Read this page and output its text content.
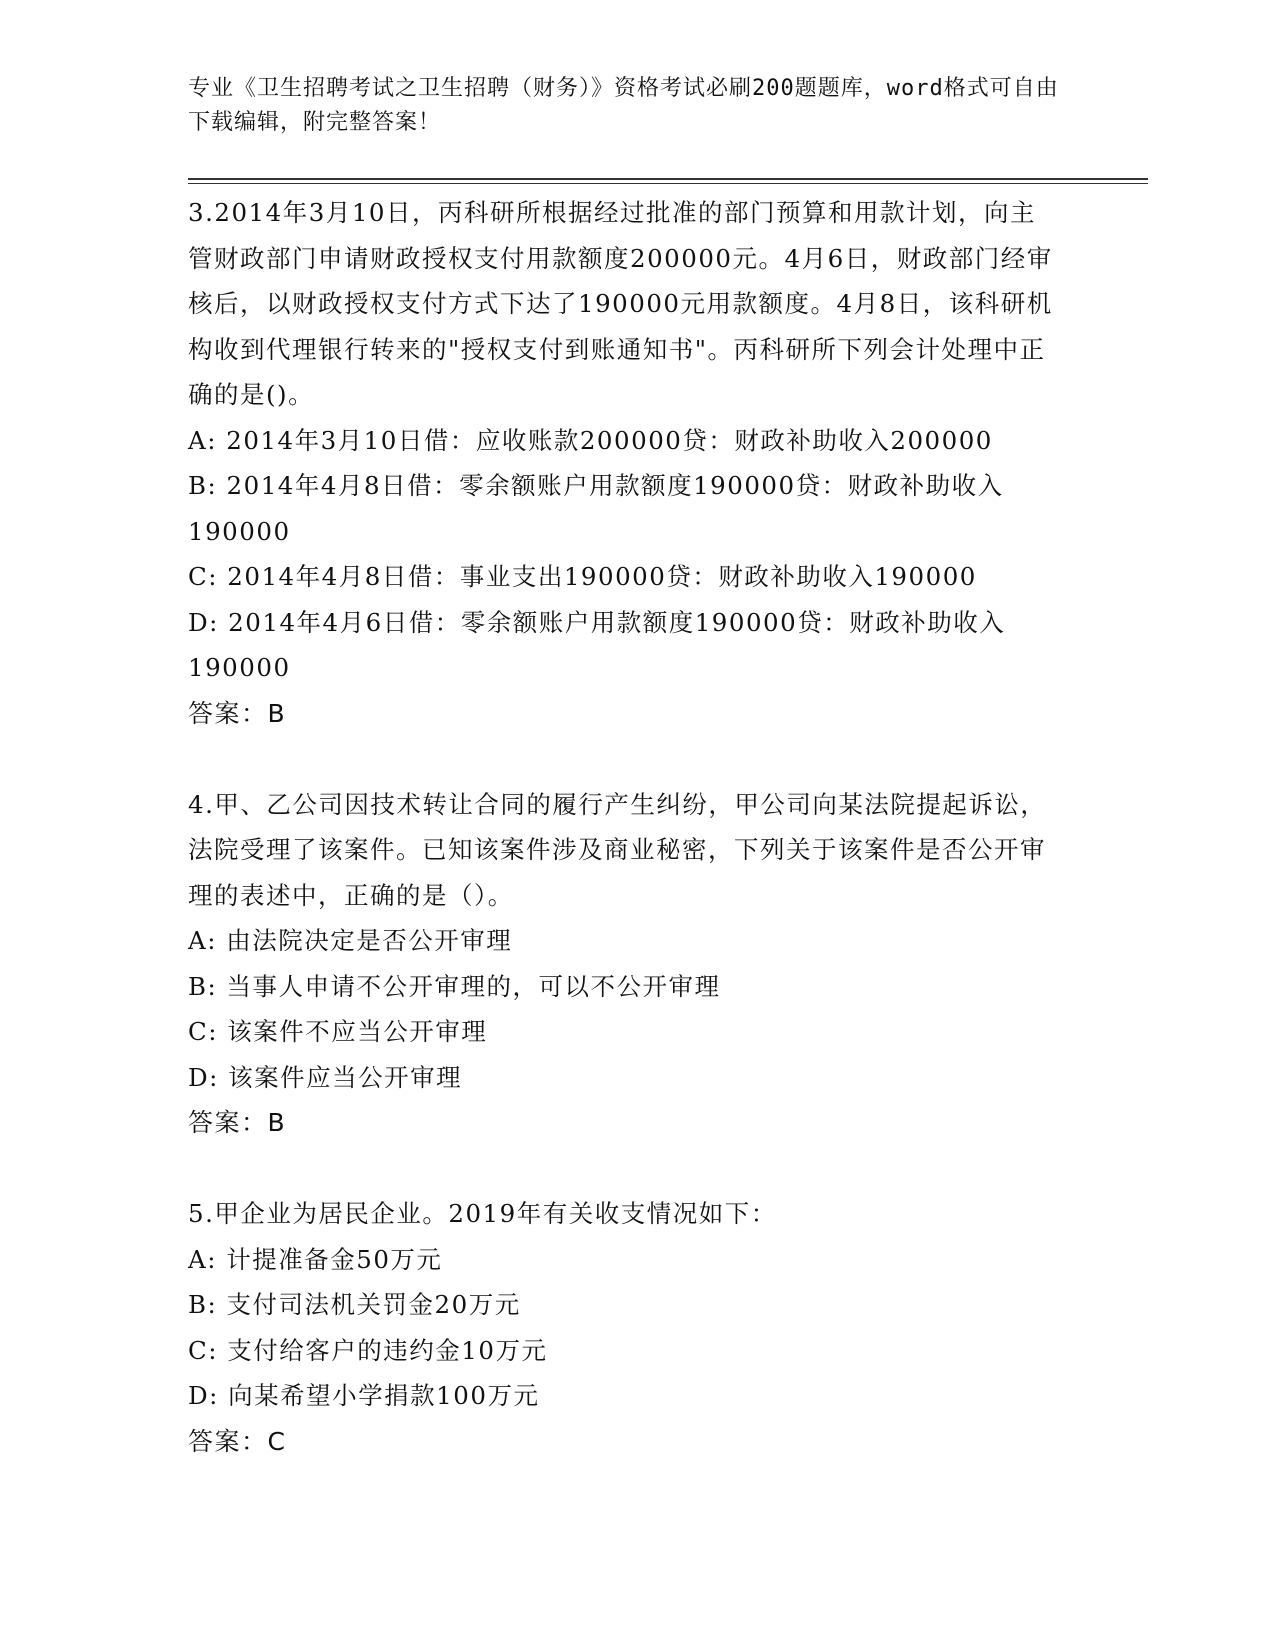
专业《卫生招聘考试之卫生招聘（财务）》资格考试必刷200题题库，word格式可自由下载编辑，附完整答案！

3.2014年3月10日，丙科研所根据经过批准的部门预算和用款计划，向主管财政部门申请财政授权支付用款额度200000元。4月6日，财政部门经审核后，以财政授权支付方式下达了190000元用款额度。4月8日，该科研机构收到代理银行转来的"授权支付到账通知书"。丙科研所下列会计处理中正确的是()。

A: 2014年3月10日借：应收账款200000贷：财政补助收入200000

B: 2014年4月8日借：零余额账户用款额度190000贷：财政补助收入190000

C: 2014年4月8日借：事业支出190000贷：财政补助收入190000

D: 2014年4月6日借：零余额账户用款额度190000贷：财政补助收入190000

答案：B

4.甲、乙公司因技术转让合同的履行产生纠纷，甲公司向某法院提起诉讼，法院受理了该案件。已知该案件涉及商业秘密，下列关于该案件是否公开审理的表述中，正确的是（）。

A: 由法院决定是否公开审理

B: 当事人申请不公开审理的，可以不公开审理

C: 该案件不应当公开审理

D: 该案件应当公开审理

答案：B

5.甲企业为居民企业。2019年有关收支情况如下：

A: 计提准备金50万元

B: 支付司法机关罚金20万元

C: 支付给客户的违约金10万元

D: 向某希望小学捐款100万元

答案：C
